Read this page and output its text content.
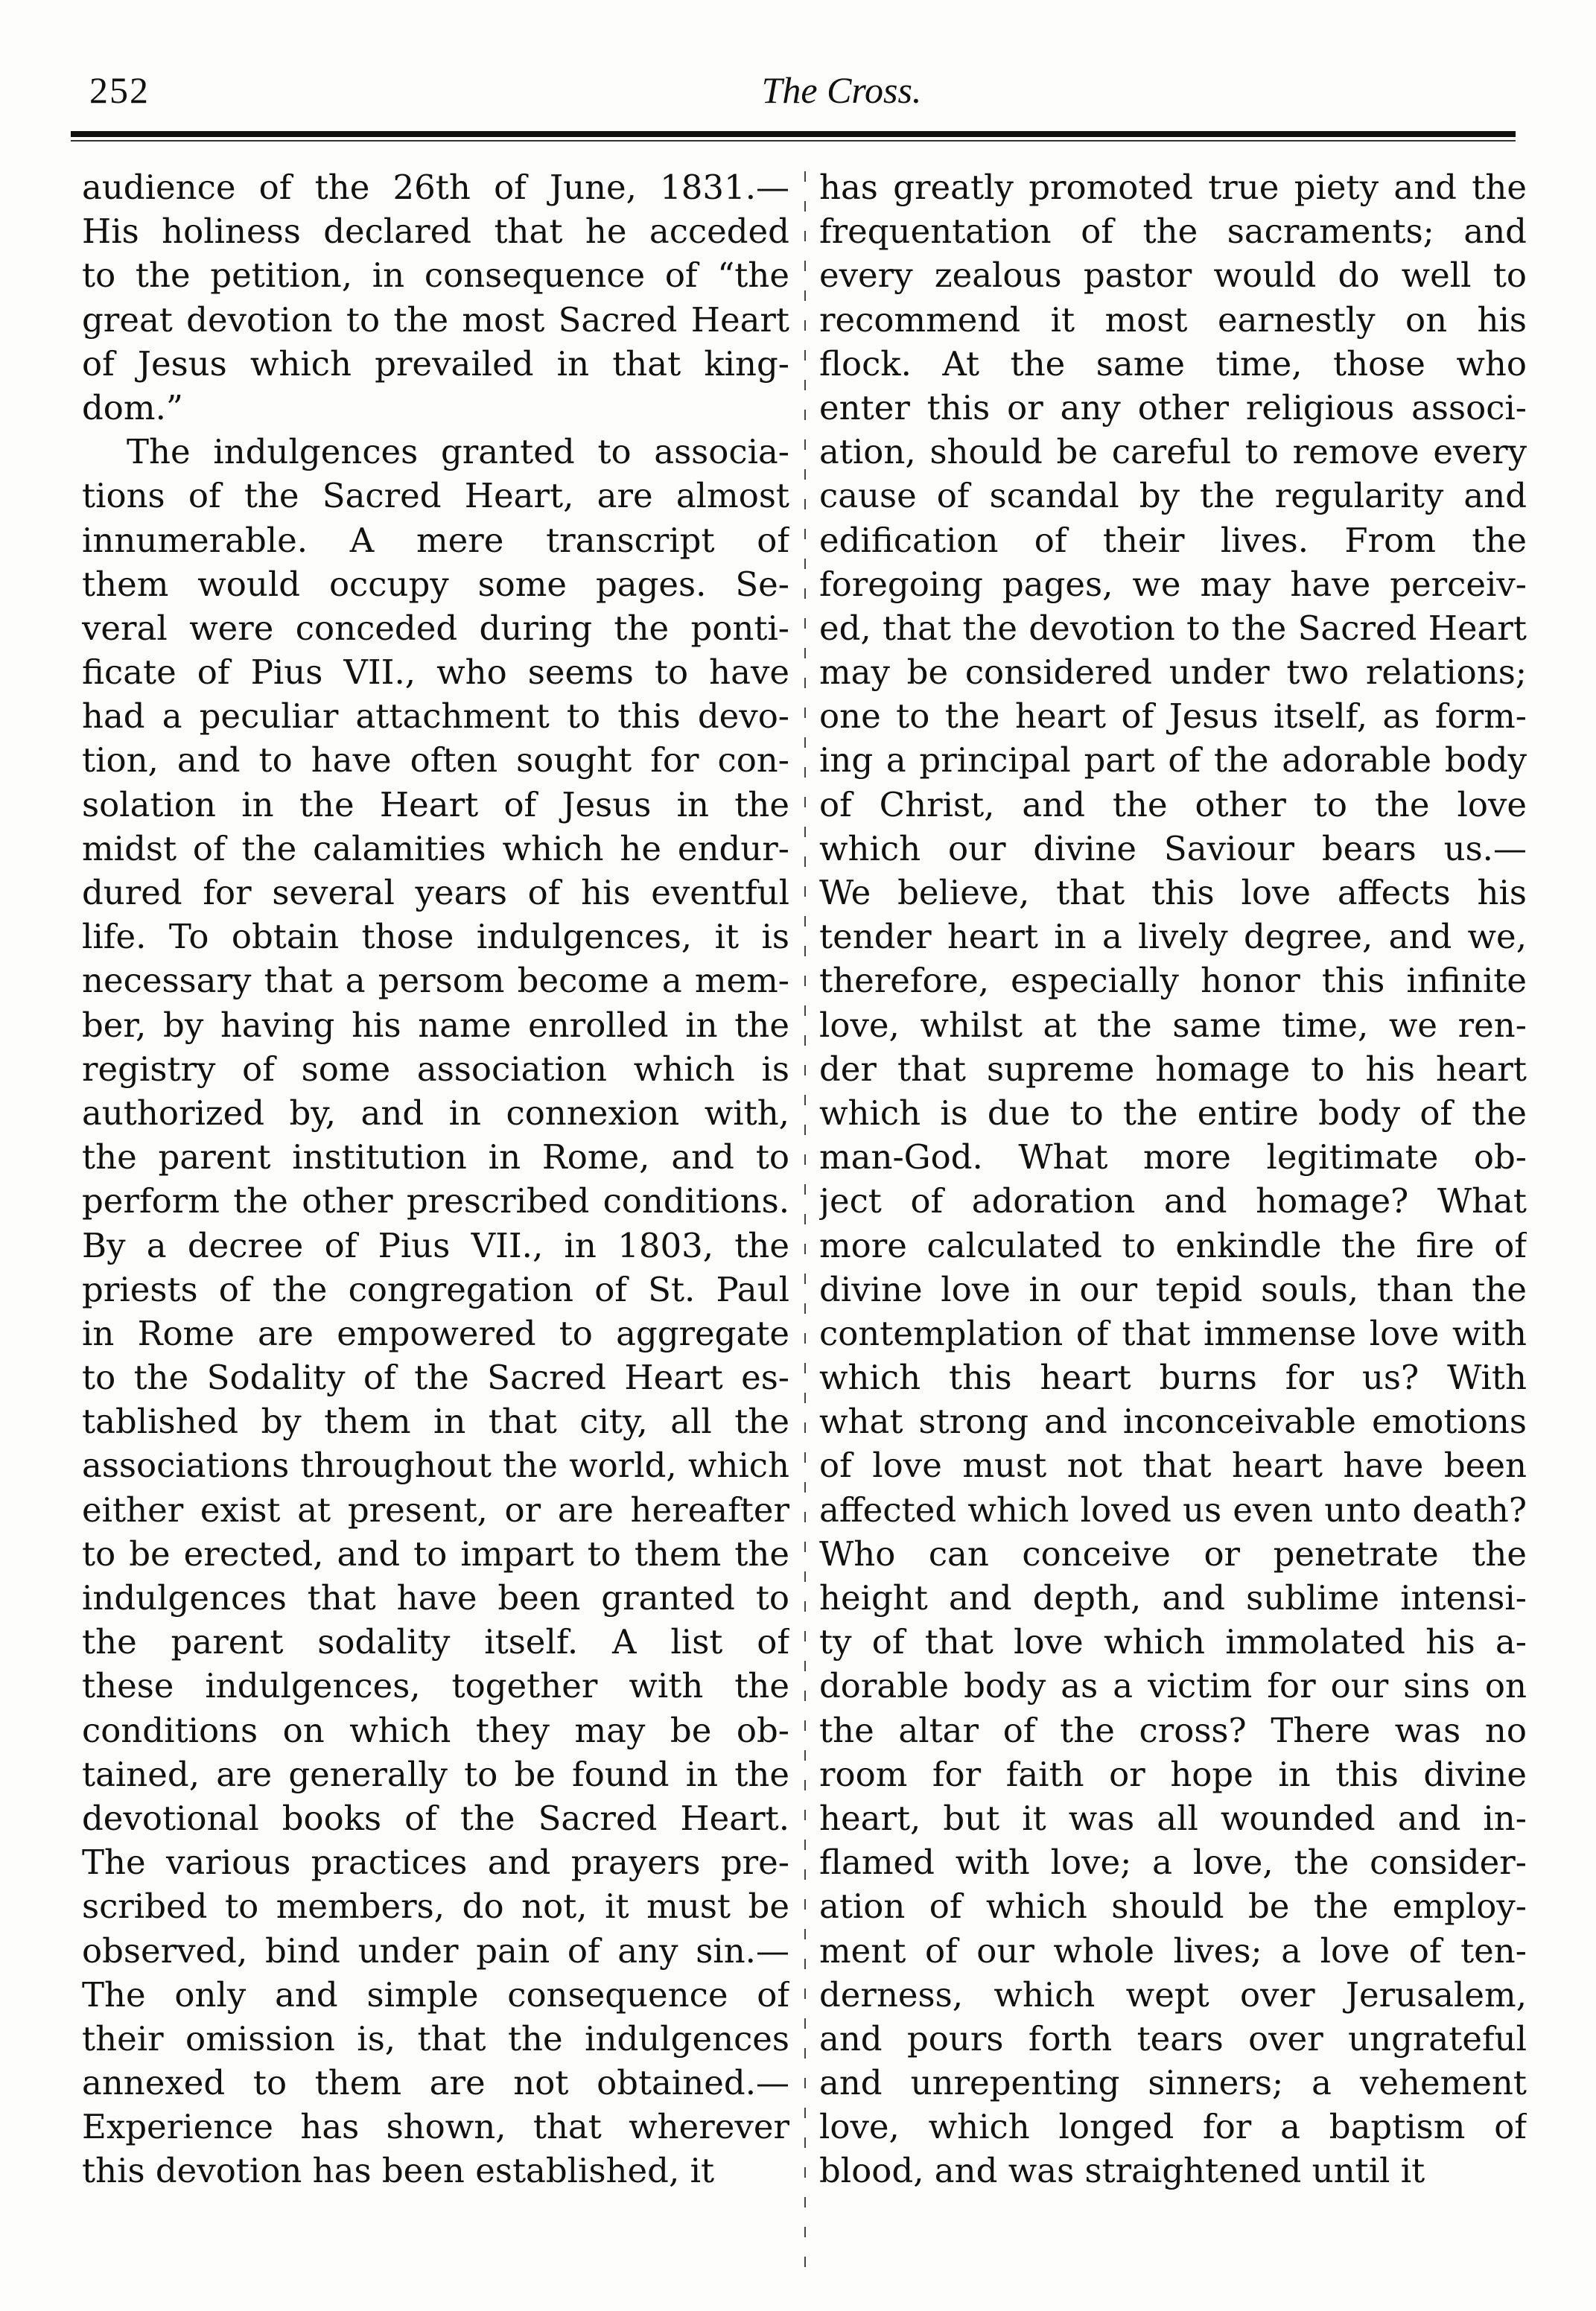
252	The Cross.
audience of the 26th of June, 1831.—
His holiness declared that he acceded
to the petition, in consequence of “the
great devotion to the most Sacred Heart
of Jesus which prevailed in that king-
dom.”
The indulgences granted to associa-
tions of the Sacred Heart, are almost
innumerable. A mere transcript of
them would occupy some pages. Se-
veral were conceded during the ponti-
ficate of Pius VII., who seems to have
had a peculiar attachment to this devo-
tion, and to have often sought for con-
solation in the Heart of Jesus in the
midst of the calamities which he endur-
dured for several years of his eventful
life. To obtain those indulgences, it is
necessary that a persom become a mem-
ber, by having his name enrolled in the
registry of some association which is
authorized by, and in connexion with,
the parent institution in Rome, and to
perform the other prescribed conditions.
By a decree of Pius VII., in 1803, the
priests of the congregation of St. Paul
in Rome are empowered to aggregate
to the Sodality of the Sacred Heart es-
tablished by them in that city, all the
associations throughout the world, which
either exist at present, or are hereafter
to be erected, and to impart to them the
indulgences that have been granted to
the parent sodality itself. A list of
these indulgences, together with the
conditions on which they may be ob-
tained, are generally to be found in the
devotional books of the Sacred Heart.
The various practices and prayers pre-
scribed to members, do not, it must be
observed, bind under pain of any sin.—
The only and simple consequence of
their omission is, that the indulgences
annexed to them are not obtained.—
Experience has shown, that wherever
this devotion has been established, it
has greatly promoted true piety and the
frequentation of the sacraments; and
every zealous pastor would do well to
recommend it most earnestly on his
flock. At the same time, those who
enter this or any other religious associ-
ation, should be careful to remove every
cause of scandal by the regularity and
edification of their lives. From the
foregoing pages, we may have perceiv-
ed, that the devotion to the Sacred Heart
may be considered under two relations;
one to the heart of Jesus itself, as form-
ing a principal part of the adorable body
of Christ, and the other to the love
which our divine Saviour bears us.—
We believe, that this love affects his
tender heart in a lively degree, and we,
therefore, especially honor this infinite
love, whilst at the same time, we ren-
der that supreme homage to his heart
which is due to the entire body of the
man-God. What more legitimate ob-
ject of adoration and homage? What
more calculated to enkindle the fire of
divine love in our tepid souls, than the
contemplation of that immense love with
which this heart burns for us? With
what strong and inconceivable emotions
of love must not that heart have been
affected which loved us even unto death?
Who can conceive or penetrate the
height and depth, and sublime intensi-
ty of that love which immolated his a-
dorable body as a victim for our sins on
the altar of the cross? There was no
room for faith or hope in this divine
heart, but it was all wounded and in-
flamed with love; a love, the consider-
ation of which should be the employ-
ment of our whole lives; a love of ten-
derness, which wept over Jerusalem,
and pours forth tears over ungrateful
and unrepenting sinners; a vehement
love, which longed for a baptism of
blood, and was straightened until it
